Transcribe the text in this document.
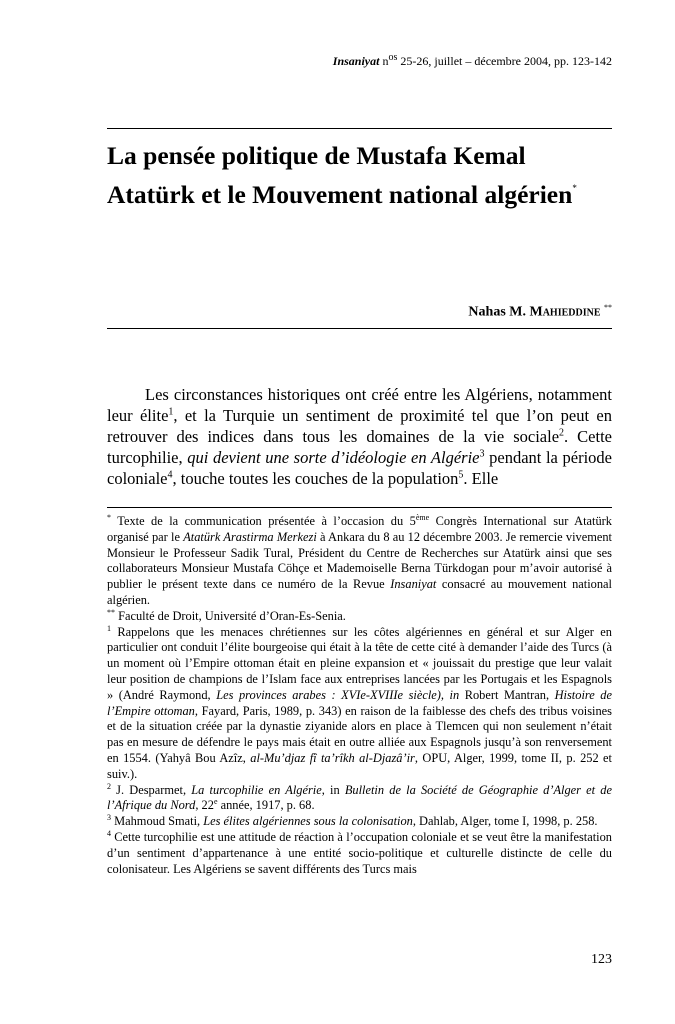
Insaniyat $n^{os}$ 25-26, juillet – décembre 2004, pp. 123-142
La pensée politique de Mustafa Kemal Atatürk et le Mouvement national algérien*
Nahas M. Mahieddine **

Les circonstances historiques ont créé entre les Algériens, notamment leur élite$^1$, et la Turquie un sentiment de proximité tel que l’on peut en retrouver des indices dans tous les domaines de la vie sociale$^2$. Cette turcophilie, qui devient une sorte d’idéologie en Algérie$^3$ pendant la période coloniale$^4$, touche toutes les couches de la population$^5$. Elle

* Texte de la communication présentée à l’occasion du 5ème Congrès International sur Atatürk organisé par le Atatürk Arastirma Merkezi à Ankara du 8 au 12 décembre 2003. Je remercie vivement Monsieur le Professeur Sadik Tural, Président du Centre de Recherches sur Atatürk ainsi que ses collaborateurs Monsieur Mustafa Cöhçe et Mademoiselle Berna Türkdogan pour m’avoir autorisé à publier le présent texte dans ce numéro de la Revue Insaniyat consacré au mouvement national algérien.

** Faculté de Droit, Université d’Oran-Es-Senia.

$^1$ Rappelons que les menaces chrétiennes sur les côtes algériennes en général et sur Alger en particulier ont conduit l’élite bourgeoise qui était à la tête de cette cité à demander l’aide des Turcs (à un moment où l’Empire ottoman était en pleine expansion et « jouissait du prestige que leur valait leur position de champions de l’Islam face aux entreprises lancées par les Portugais et les Espagnols » (André Raymond, Les provinces arabes : XVIe-XVIIIe siècle), in Robert Mantran, Histoire de l’Empire ottoman, Fayard, Paris, 1989, p. 343) en raison de la faiblesse des chefs des tribus voisines et de la situation créée par la dynastie ziyanide alors en place à Tlemcen qui non seulement n’était pas en mesure de défendre le pays mais était en outre alliée aux Espagnols jusqu’à son renversement en 1554. (Yahyâ Bou Azîz, al-Mu’djaz fî ta’rîkh al-Djazâ’ir, OPU, Alger, 1999, tome II, p. 252 et suiv.).

$^2$ J. Desparmet, La turcophilie en Algérie, in Bulletin de la Société de Géographie d’Alger et de l’Afrique du Nord, 22e année, 1917, p. 68.

$^3$ Mahmoud Smati, Les élites algériennes sous la colonisation, Dahlab, Alger, tome I, 1998, p. 258.

$^4$ Cette turcophilie est une attitude de réaction à l’occupation coloniale et se veut être la manifestation d’un sentiment d’appartenance à une entité socio-politique et culturelle distincte de celle du colonisateur. Les Algériens se savent différents des Turcs mais

123
